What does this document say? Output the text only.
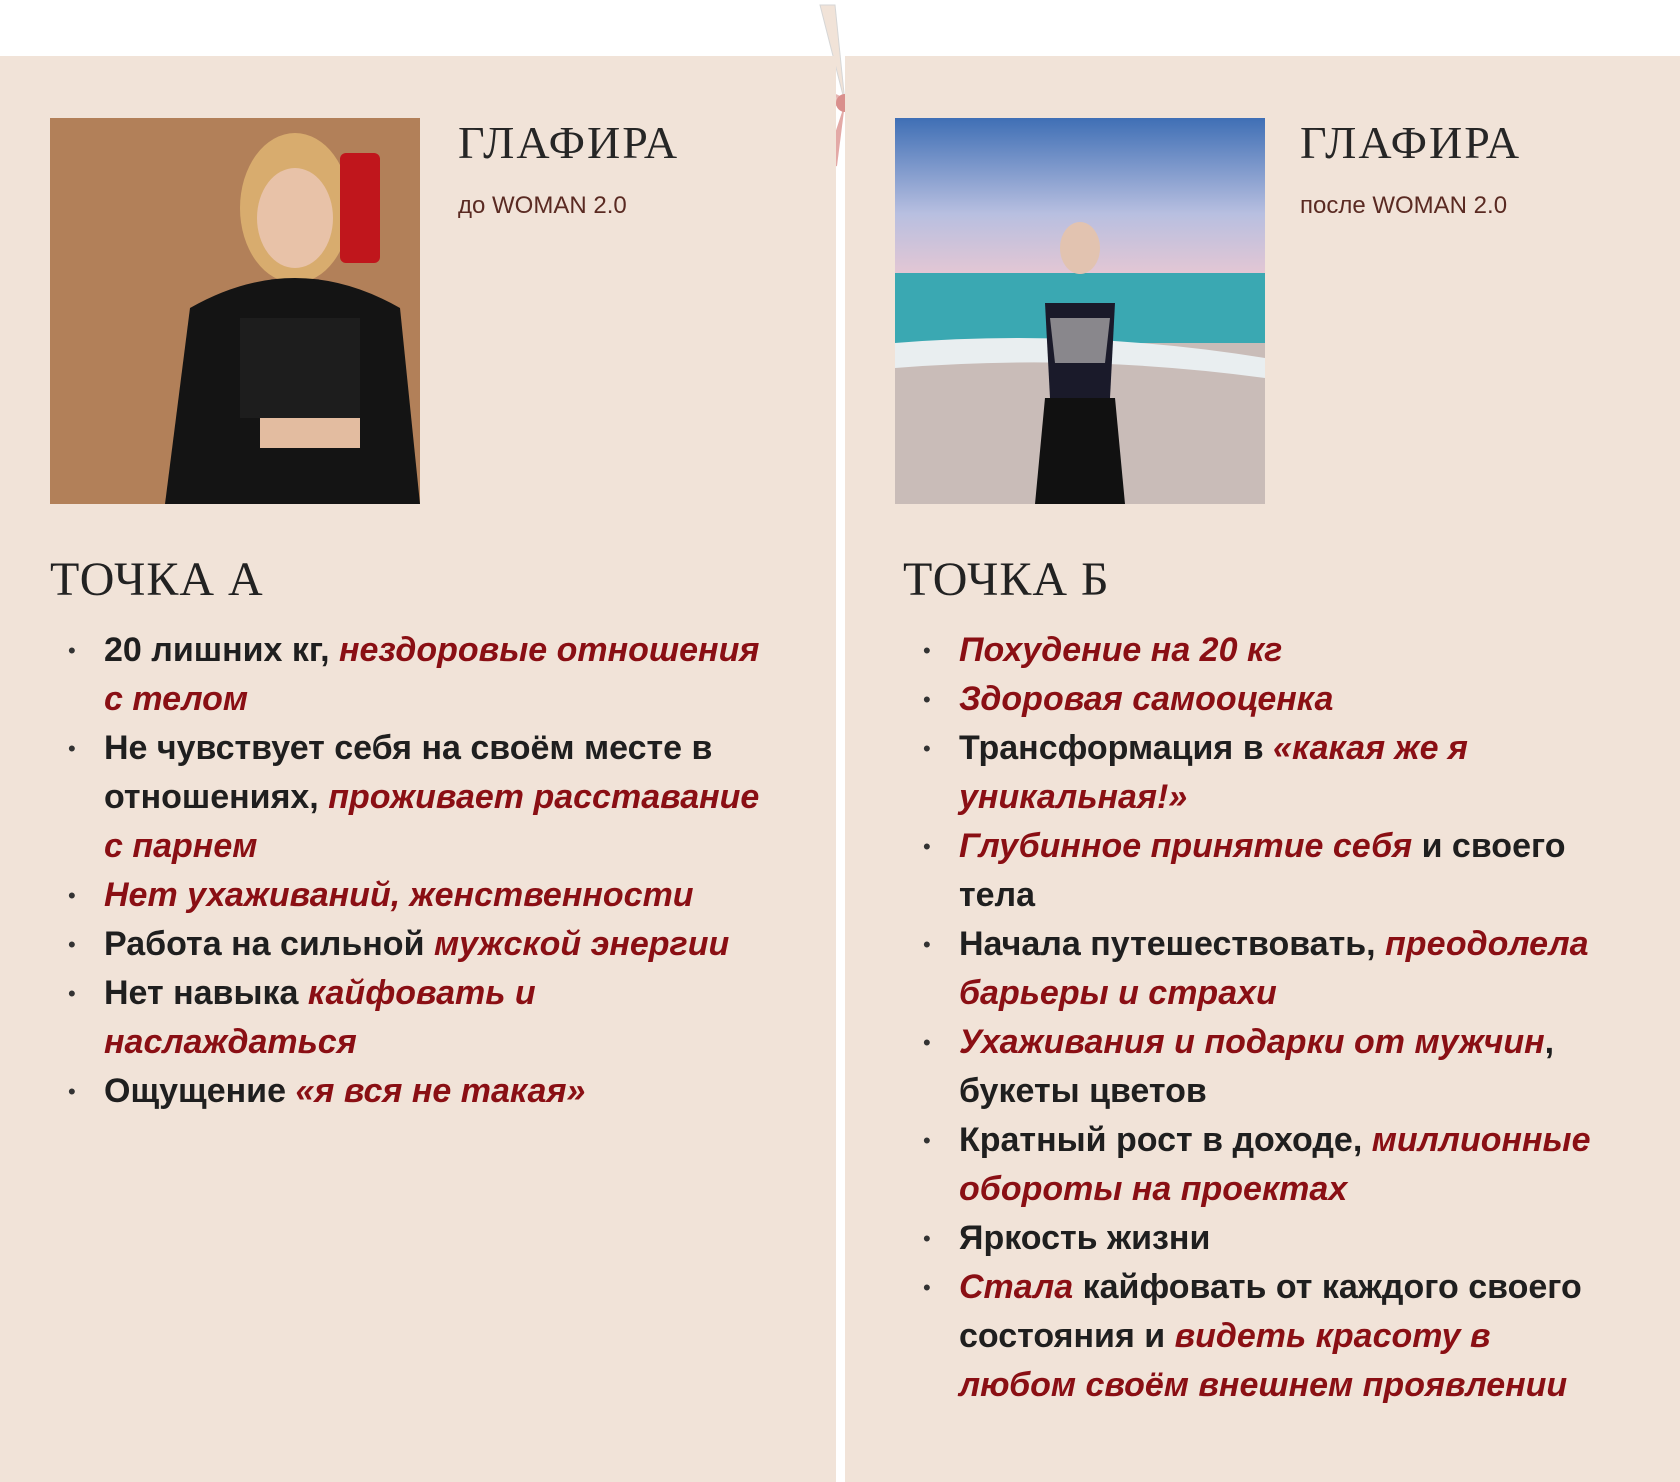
ГЛАФИРА
до WOMAN 2.0
ТОЧКА А
• 20 лишних кг, нездоровые отношения с телом
• Не чувствует себя на своём месте в отношениях, проживает расставание с парнем
• Нет ухаживаний, женственности
• Работа на сильной мужской энергии
• Нет навыка кайфовать и наслаждаться
• Ощущение «я вся не такая»
ГЛАФИРА
после WOMAN 2.0
ТОЧКА Б
• Похудение на 20 кг
• Здоровая самооценка
• Трансформация в «какая же я уникальная!»
• Глубинное принятие себя и своего тела
• Начала путешествовать, преодолела барьеры и страхи
• Ухаживания и подарки от мужчин, букеты цветов
• Кратный рост в доходе, миллионные обороты на проектах
• Яркость жизни
• Стала кайфовать от каждого своего состояния и видеть красоту в любом своём внешнем проявлении
